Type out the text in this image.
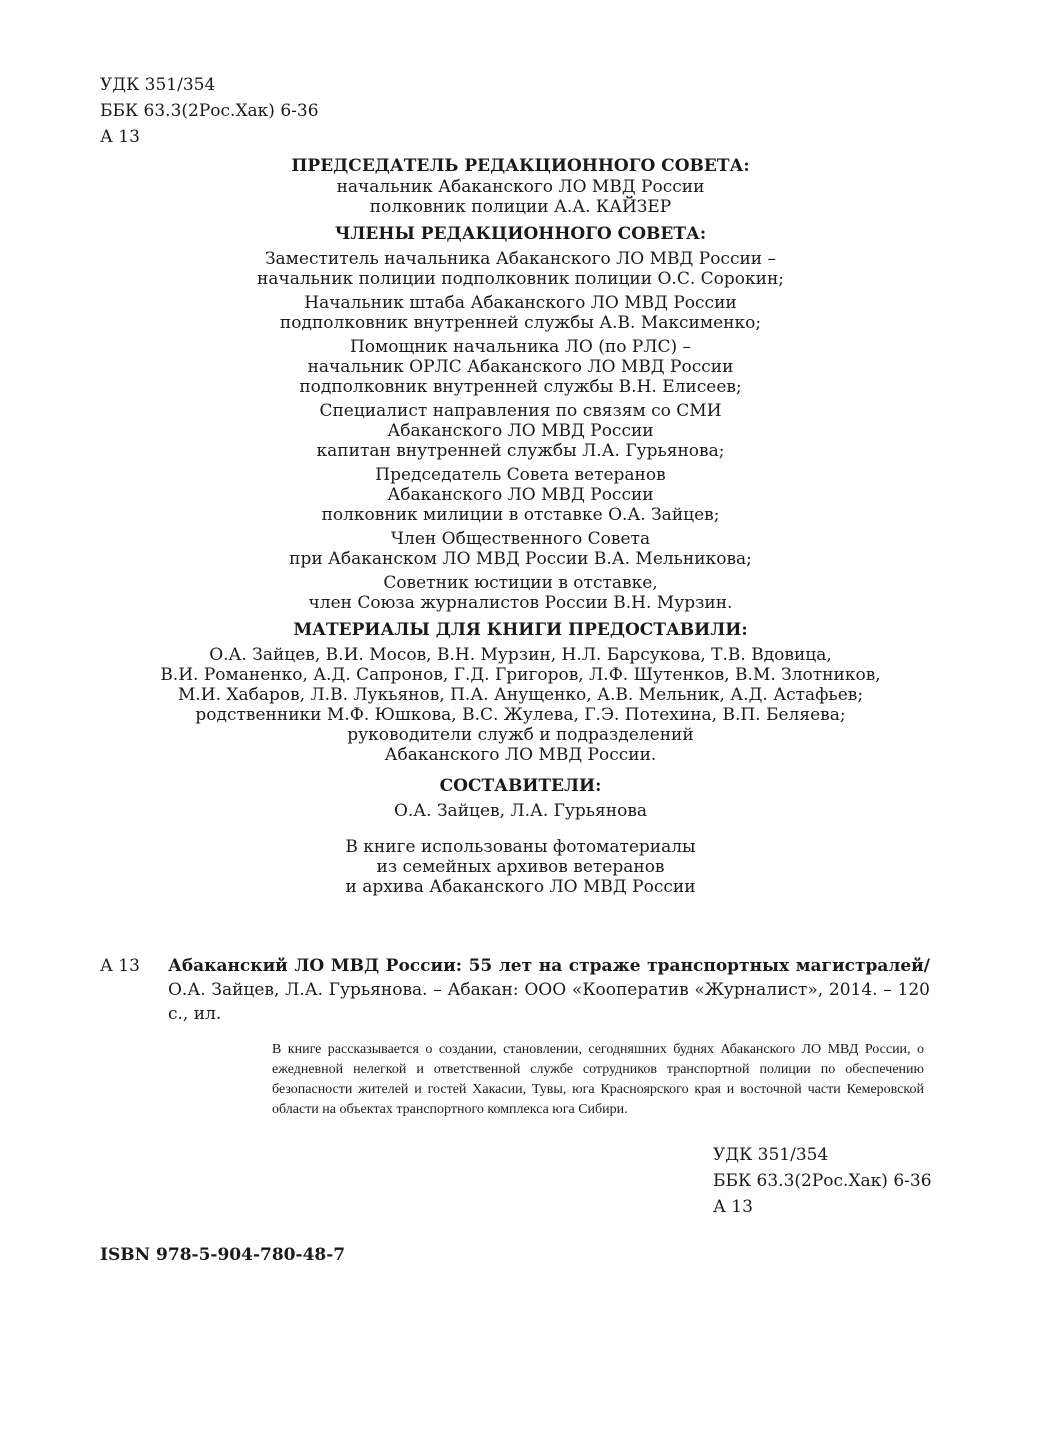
УДК 351/354
ББК 63.3(2Рос.Хак) 6-36
А 13
ПРЕДСЕДАТЕЛЬ РЕДАКЦИОННОГО СОВЕТА:
начальник Абаканского ЛО МВД России
полковник полиции А.А. КАЙЗЕР
ЧЛЕНЫ РЕДАКЦИОННОГО СОВЕТА:
Заместитель начальника Абаканского ЛО МВД России –
начальник полиции подполковник полиции О.С. Сорокин;
Начальник штаба Абаканского ЛО МВД России
подполковник внутренней службы А.В. Максименко;
Помощник начальника ЛО (по РЛС) –
начальник ОРЛС Абаканского ЛО МВД России
подполковник внутренней службы В.Н. Елисеев;
Специалист направления по связям со СМИ
Абаканского ЛО МВД России
капитан внутренней службы Л.А. Гурьянова;
Председатель Совета ветеранов
Абаканского ЛО МВД России
полковник милиции в отставке О.А. Зайцев;
Член Общественного Совета
при Абаканском ЛО МВД России В.А. Мельникова;
Советник юстиции в отставке,
член Союза журналистов России В.Н. Мурзин.
МАТЕРИАЛЫ ДЛЯ КНИГИ ПРЕДОСТАВИЛИ:
О.А. Зайцев, В.И. Мосов, В.Н. Мурзин, Н.Л. Барсукова, Т.В. Вдовица,
В.И. Романенко, А.Д. Сапронов, Г.Д. Григоров, Л.Ф. Шутенков, В.М. Злотников,
М.И. Хабаров, Л.В. Лукьянов, П.А. Анущенко, А.В. Мельник, А.Д. Астафьев;
родственники М.Ф. Юшкова, В.С. Жулева, Г.Э. Потехина, В.П. Беляева;
руководители служб и подразделений
Абаканского ЛО МВД России.
СОСТАВИТЕЛИ:
О.А. Зайцев, Л.А. Гурьянова
В книге использованы фотоматериалы
из семейных архивов ветеранов
и архива Абаканского ЛО МВД России
А 13 Абаканский ЛО МВД России: 55 лет на страже транспортных магистралей/ О.А. Зайцев, Л.А. Гурьянова. – Абакан: ООО «Кооператив «Журналист», 2014. – 120 с., ил.
В книге рассказывается о создании, становлении, сегодняшних буднях Абаканского ЛО МВД России, о ежедневной нелегкой и ответственной службе сотрудников транспортной полиции по обеспечению безопасности жителей и гостей Хакасии, Тувы, юга Красноярского края и восточной части Кемеровской области на объектах транспортного комплекса юга Сибири.
УДК 351/354
ББК 63.3(2Рос.Хак) 6-36
А 13
ISBN 978-5-904-780-48-7
